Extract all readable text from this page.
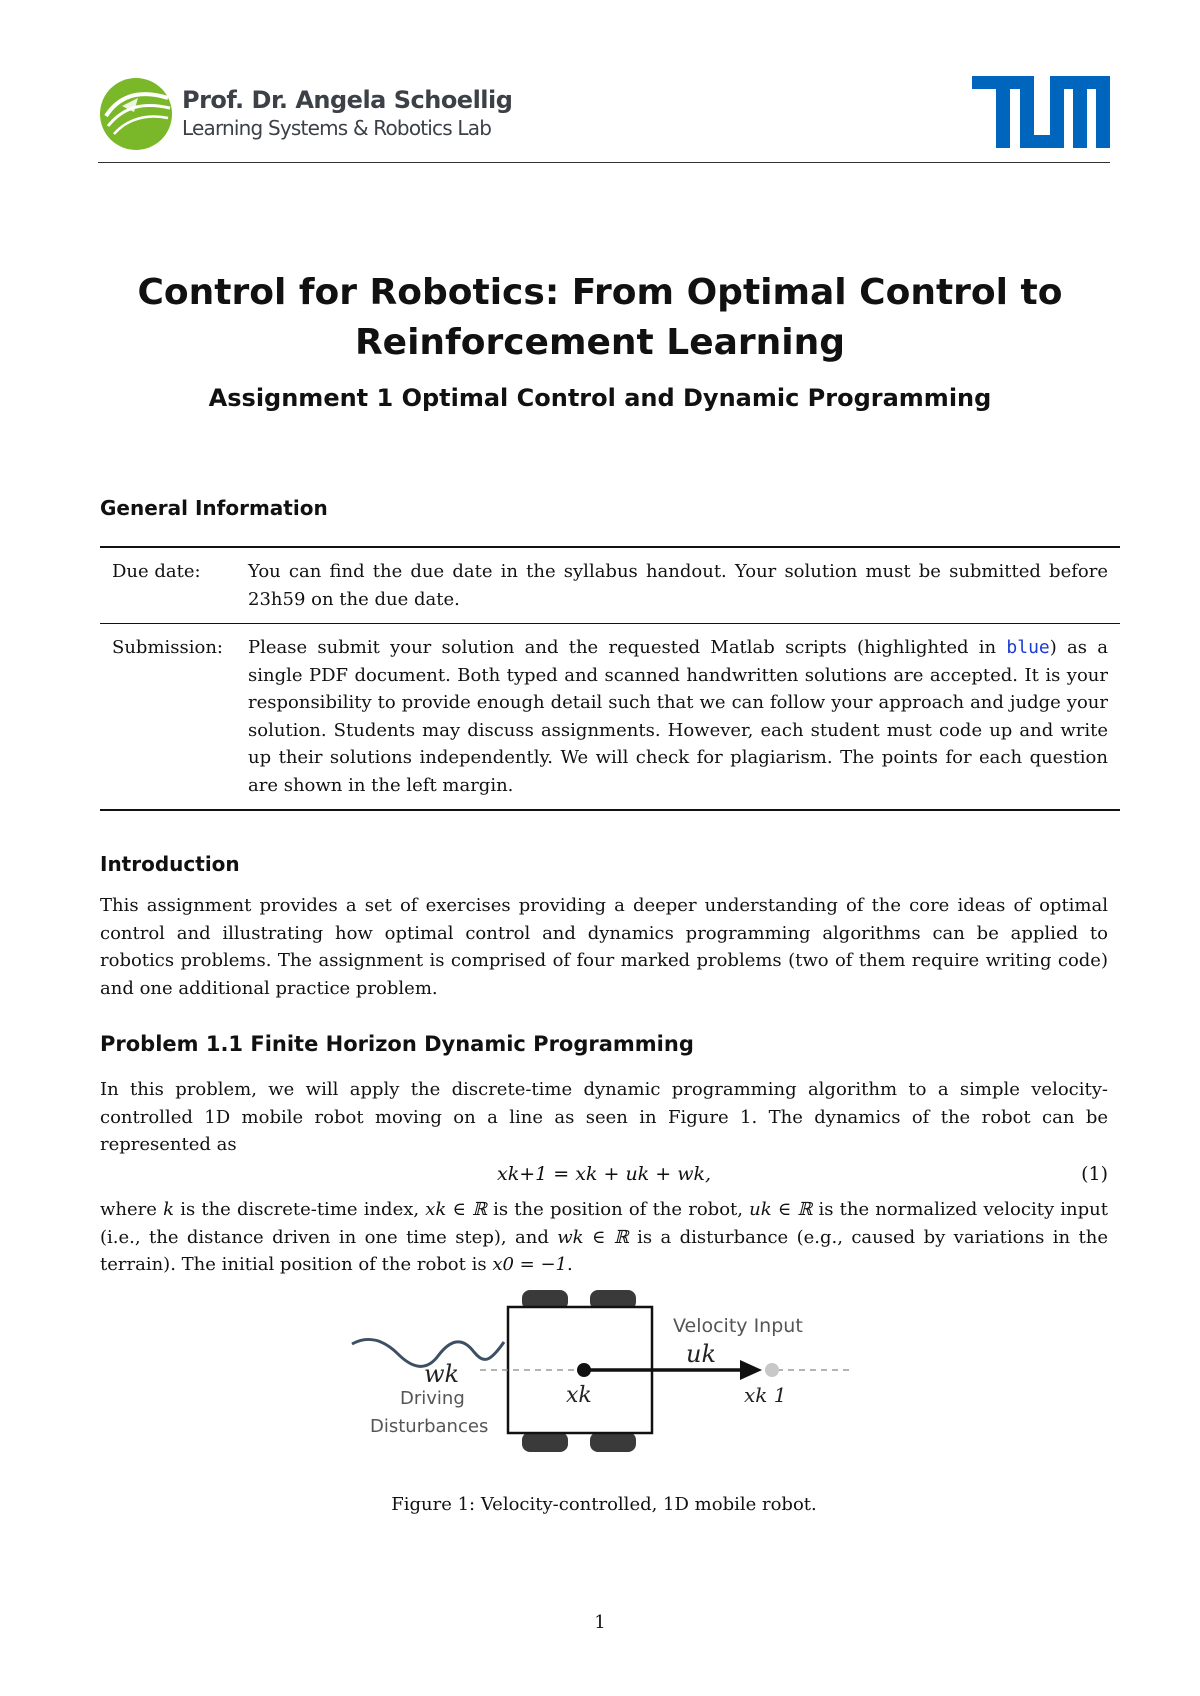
Prof. Dr. Angela Schoellig
Learning Systems & Robotics Lab
Control for Robotics: From Optimal Control to Reinforcement Learning
Assignment 1 Optimal Control and Dynamic Programming
General Information
Due date:	You can find the due date in the syllabus handout. Your solution must be submitted before 23h59 on the due date.
Submission:	Please submit your solution and the requested Matlab scripts (highlighted in blue) as a single PDF document. Both typed and scanned handwritten solutions are accepted. It is your responsibility to provide enough detail such that we can follow your approach and judge your solution. Students may discuss assignments. However, each student must code up and write up their solutions independently. We will check for plagiarism. The points for each question are shown in the left margin.
Introduction
This assignment provides a set of exercises providing a deeper understanding of the core ideas of optimal control and illustrating how optimal control and dynamics programming algorithms can be applied to robotics problems. The assignment is comprised of four marked problems (two of them require writing code) and one additional practice problem.
Problem 1.1 Finite Horizon Dynamic Programming
In this problem, we will apply the discrete-time dynamic programming algorithm to a simple velocity-controlled 1D mobile robot moving on a line as seen in Figure 1. The dynamics of the robot can be represented as
xk+1 = xk + uk + wk,	(1)
where k is the discrete-time index, xk ∈ ℝ is the position of the robot, uk ∈ ℝ is the normalized velocity input (i.e., the distance driven in one time step), and wk ∈ ℝ is a disturbance (e.g., caused by variations in the terrain). The initial position of the robot is x0 = −1.
Velocity Input
uk
wk
Driving
Disturbances
xk	xk 1
Figure 1: Velocity-controlled, 1D mobile robot.
1
